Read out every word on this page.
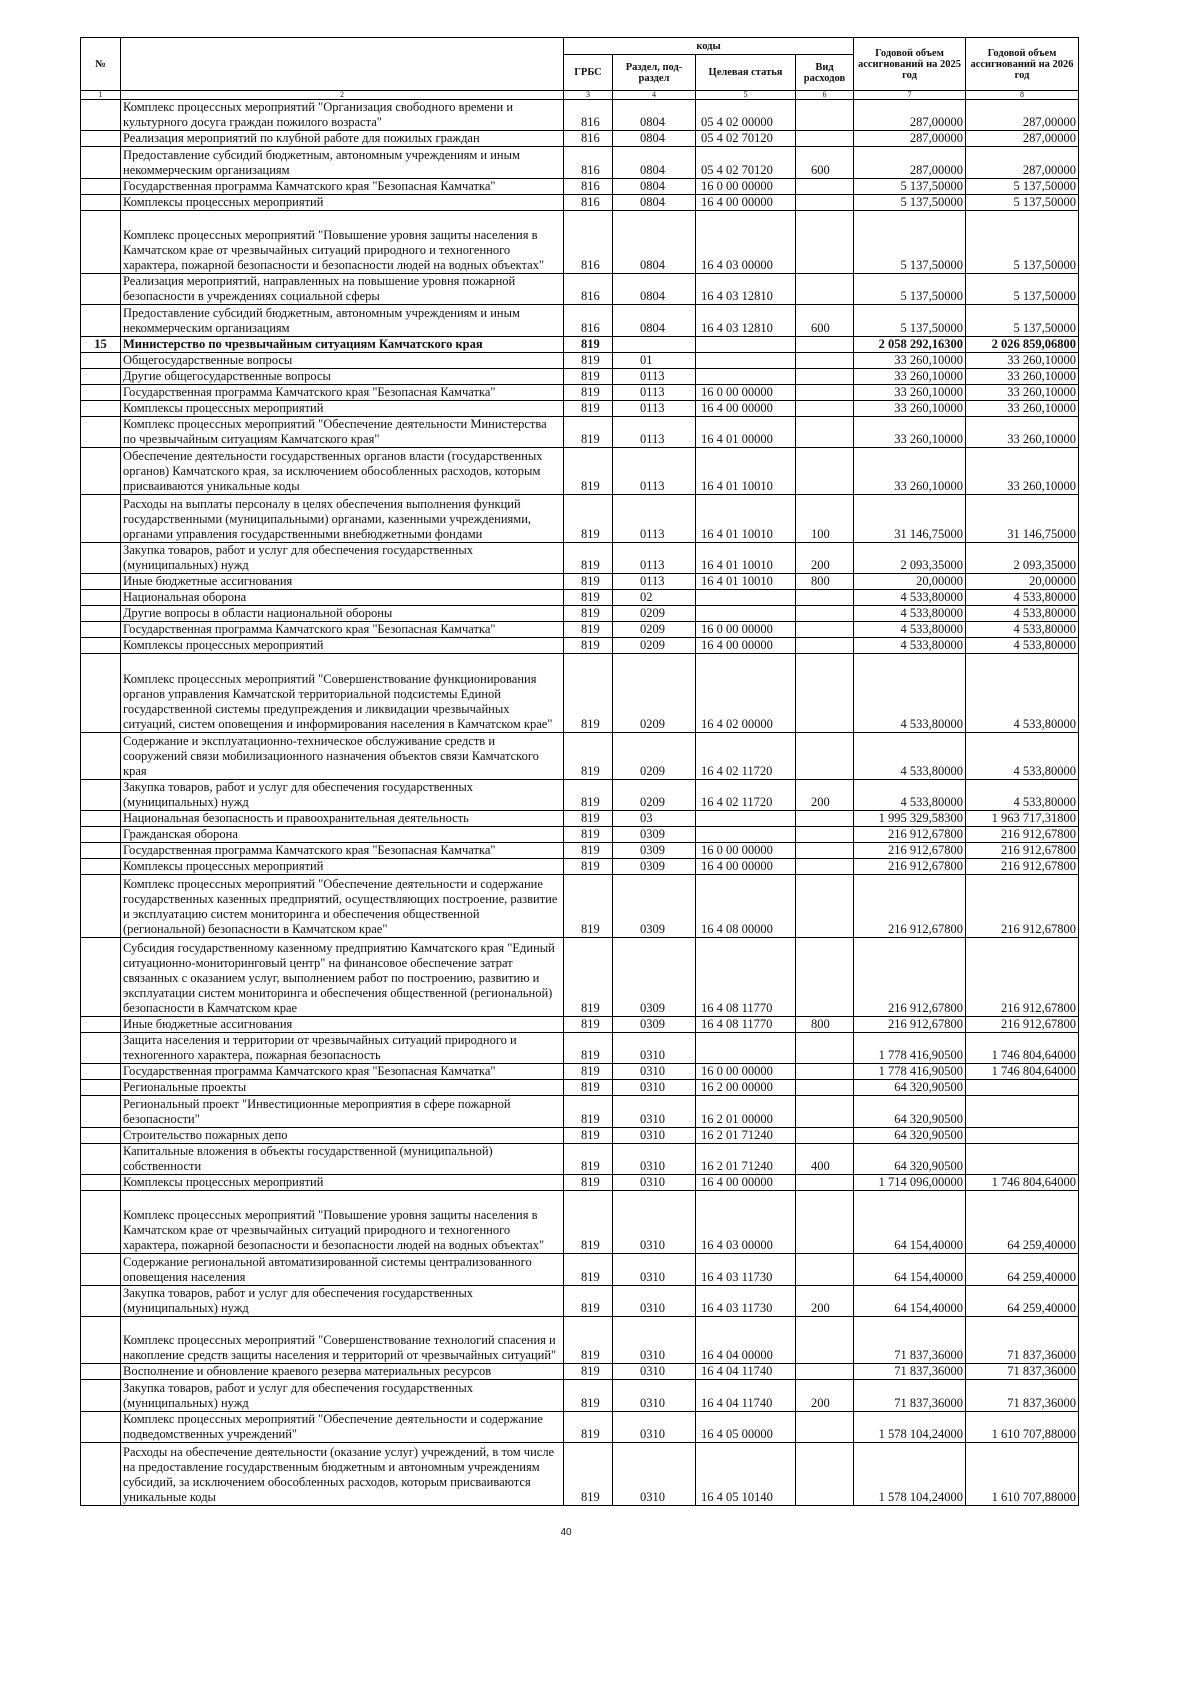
№		коды				Годовой объем ассигнований на 2025 год	Годовой объем ассигнований на 2026 год
		ГРБС	Раздел, под-раздел	Целевая статья	Вид расходов		
1	2	3	4	5	6	7	8
	Комплекс процессных мероприятий "Организация свободного времени и культурного досуга граждан пожилого возраста"	816	0804	05 4 02 00000		287,00000	287,00000
	Реализация мероприятий по клубной работе для пожилых граждан	816	0804	05 4 02 70120		287,00000	287,00000
	Предоставление субсидий бюджетным, автономным учреждениям и иным некоммерческим организациям	816	0804	05 4 02 70120	600	287,00000	287,00000
	Государственная программа Камчатского края "Безопасная Камчатка"	816	0804	16 0 00 00000		5 137,50000	5 137,50000
	Комплексы процессных мероприятий	816	0804	16 4 00 00000		5 137,50000	5 137,50000
	Комплекс процессных мероприятий "Повышение уровня защиты населения в Камчатском крае от чрезвычайных ситуаций природного и техногенного характера, пожарной безопасности и безопасности людей на водных объектах"	816	0804	16 4 03 00000		5 137,50000	5 137,50000
	Реализация мероприятий, направленных на повышение уровня пожарной безопасности в учреждениях социальной сферы	816	0804	16 4 03 12810		5 137,50000	5 137,50000
	Предоставление субсидий бюджетным, автономным учреждениям и иным некоммерческим организациям	816	0804	16 4 03 12810	600	5 137,50000	5 137,50000
15	Министерство по чрезвычайным ситуациям Камчатского края	819				2 058 292,16300	2 026 859,06800
	Общегосударственные вопросы	819	01			33 260,10000	33 260,10000
	Другие общегосударственные вопросы	819	0113			33 260,10000	33 260,10000
	Государственная программа Камчатского края "Безопасная Камчатка"	819	0113	16 0 00 00000		33 260,10000	33 260,10000
	Комплексы процессных мероприятий	819	0113	16 4 00 00000		33 260,10000	33 260,10000
	Комплекс процессных мероприятий "Обеспечение деятельности Министерства по чрезвычайным ситуациям Камчатского края"	819	0113	16 4 01 00000		33 260,10000	33 260,10000
	Обеспечение деятельности государственных органов власти (государственных органов) Камчатского края, за исключением обособленных расходов, которым присваиваются уникальные коды	819	0113	16 4 01 10010		33 260,10000	33 260,10000
	Расходы на выплаты персоналу в целях обеспечения выполнения функций государственными (муниципальными) органами, казенными учреждениями, органами управления государственными внебюджетными фондами	819	0113	16 4 01 10010	100	31 146,75000	31 146,75000
	Закупка товаров, работ и услуг для обеспечения государственных (муниципальных) нужд	819	0113	16 4 01 10010	200	2 093,35000	2 093,35000
	Иные бюджетные ассигнования	819	0113	16 4 01 10010	800	20,00000	20,00000
	Национальная оборона	819	02			4 533,80000	4 533,80000
	Другие вопросы в области национальной обороны	819	0209			4 533,80000	4 533,80000
	Государственная программа Камчатского края "Безопасная Камчатка"	819	0209	16 0 00 00000		4 533,80000	4 533,80000
	Комплексы процессных мероприятий	819	0209	16 4 00 00000		4 533,80000	4 533,80000
	Комплекс процессных мероприятий "Совершенствование функционирования органов управления Камчатской территориальной подсистемы Единой государственной системы предупреждения и ликвидации чрезвычайных ситуаций, систем оповещения и информирования населения в Камчатском крае"	819	0209	16 4 02 00000		4 533,80000	4 533,80000
	Содержание и эксплуатационно-техническое обслуживание средств и сооружений связи мобилизационного назначения объектов связи Камчатского края	819	0209	16 4 02 11720		4 533,80000	4 533,80000
	Закупка товаров, работ и услуг для обеспечения государственных (муниципальных) нужд	819	0209	16 4 02 11720	200	4 533,80000	4 533,80000
	Национальная безопасность и правоохранительная деятельность	819	03			1 995 329,58300	1 963 717,31800
	Гражданская оборона	819	0309			216 912,67800	216 912,67800
	Государственная программа Камчатского края "Безопасная Камчатка"	819	0309	16 0 00 00000		216 912,67800	216 912,67800
	Комплексы процессных мероприятий	819	0309	16 4 00 00000		216 912,67800	216 912,67800
	Комплекс процессных мероприятий "Обеспечение деятельности и содержание государственных казенных предприятий, осуществляющих построение, развитие и эксплуатацию систем мониторинга и обеспечения общественной (региональной) безопасности в Камчатском крае"	819	0309	16 4 08 00000		216 912,67800	216 912,67800
	Субсидия государственному казенному предприятию Камчатского края "Единый ситуационно-мониторинговый центр" на финансовое обеспечение затрат связанных с оказанием услуг, выполнением работ по построению, развитию и эксплуатации систем мониторинга и обеспечения общественной (региональной) безопасности в Камчатском крае	819	0309	16 4 08 11770		216 912,67800	216 912,67800
	Иные бюджетные ассигнования	819	0309	16 4 08 11770	800	216 912,67800	216 912,67800
	Защита населения и территории от чрезвычайных ситуаций природного и техногенного характера, пожарная безопасность	819	0310			1 778 416,90500	1 746 804,64000
	Государственная программа Камчатского края "Безопасная Камчатка"	819	0310	16 0 00 00000		1 778 416,90500	1 746 804,64000
	Региональные проекты	819	0310	16 2 00 00000		64 320,90500	
	Региональный проект "Инвестиционные мероприятия в сфере пожарной безопасности"	819	0310	16 2 01 00000		64 320,90500	
	Строительство пожарных депо	819	0310	16 2 01 71240		64 320,90500	
	Капитальные вложения в объекты государственной (муниципальной) собственности	819	0310	16 2 01 71240	400	64 320,90500	
	Комплексы процессных мероприятий	819	0310	16 4 00 00000		1 714 096,00000	1 746 804,64000
	Комплекс процессных мероприятий "Повышение уровня защиты населения в Камчатском крае от чрезвычайных ситуаций природного и техногенного характера, пожарной безопасности и безопасности людей на водных объектах"	819	0310	16 4 03 00000		64 154,40000	64 259,40000
	Содержание региональной автоматизированной системы централизованного оповещения населения	819	0310	16 4 03 11730		64 154,40000	64 259,40000
	Закупка товаров, работ и услуг для обеспечения государственных (муниципальных) нужд	819	0310	16 4 03 11730	200	64 154,40000	64 259,40000
	Комплекс процессных мероприятий "Совершенствование технологий спасения и накопление средств защиты населения и территорий от чрезвычайных ситуаций"	819	0310	16 4 04 00000		71 837,36000	71 837,36000
	Восполнение и обновление краевого резерва материальных ресурсов	819	0310	16 4 04 11740		71 837,36000	71 837,36000
	Закупка товаров, работ и услуг для обеспечения государственных (муниципальных) нужд	819	0310	16 4 04 11740	200	71 837,36000	71 837,36000
	Комплекс процессных мероприятий "Обеспечение деятельности и содержание подведомственных учреждений"	819	0310	16 4 05 00000		1 578 104,24000	1 610 707,88000
	Расходы на обеспечение деятельности (оказание услуг) учреждений, в том числе на предоставление государственным бюджетным и автономным учреждениям субсидий, за исключением обособленных расходов, которым присваиваются уникальные коды	819	0310	16 4 05 10140		1 578 104,24000	1 610 707,88000
40
